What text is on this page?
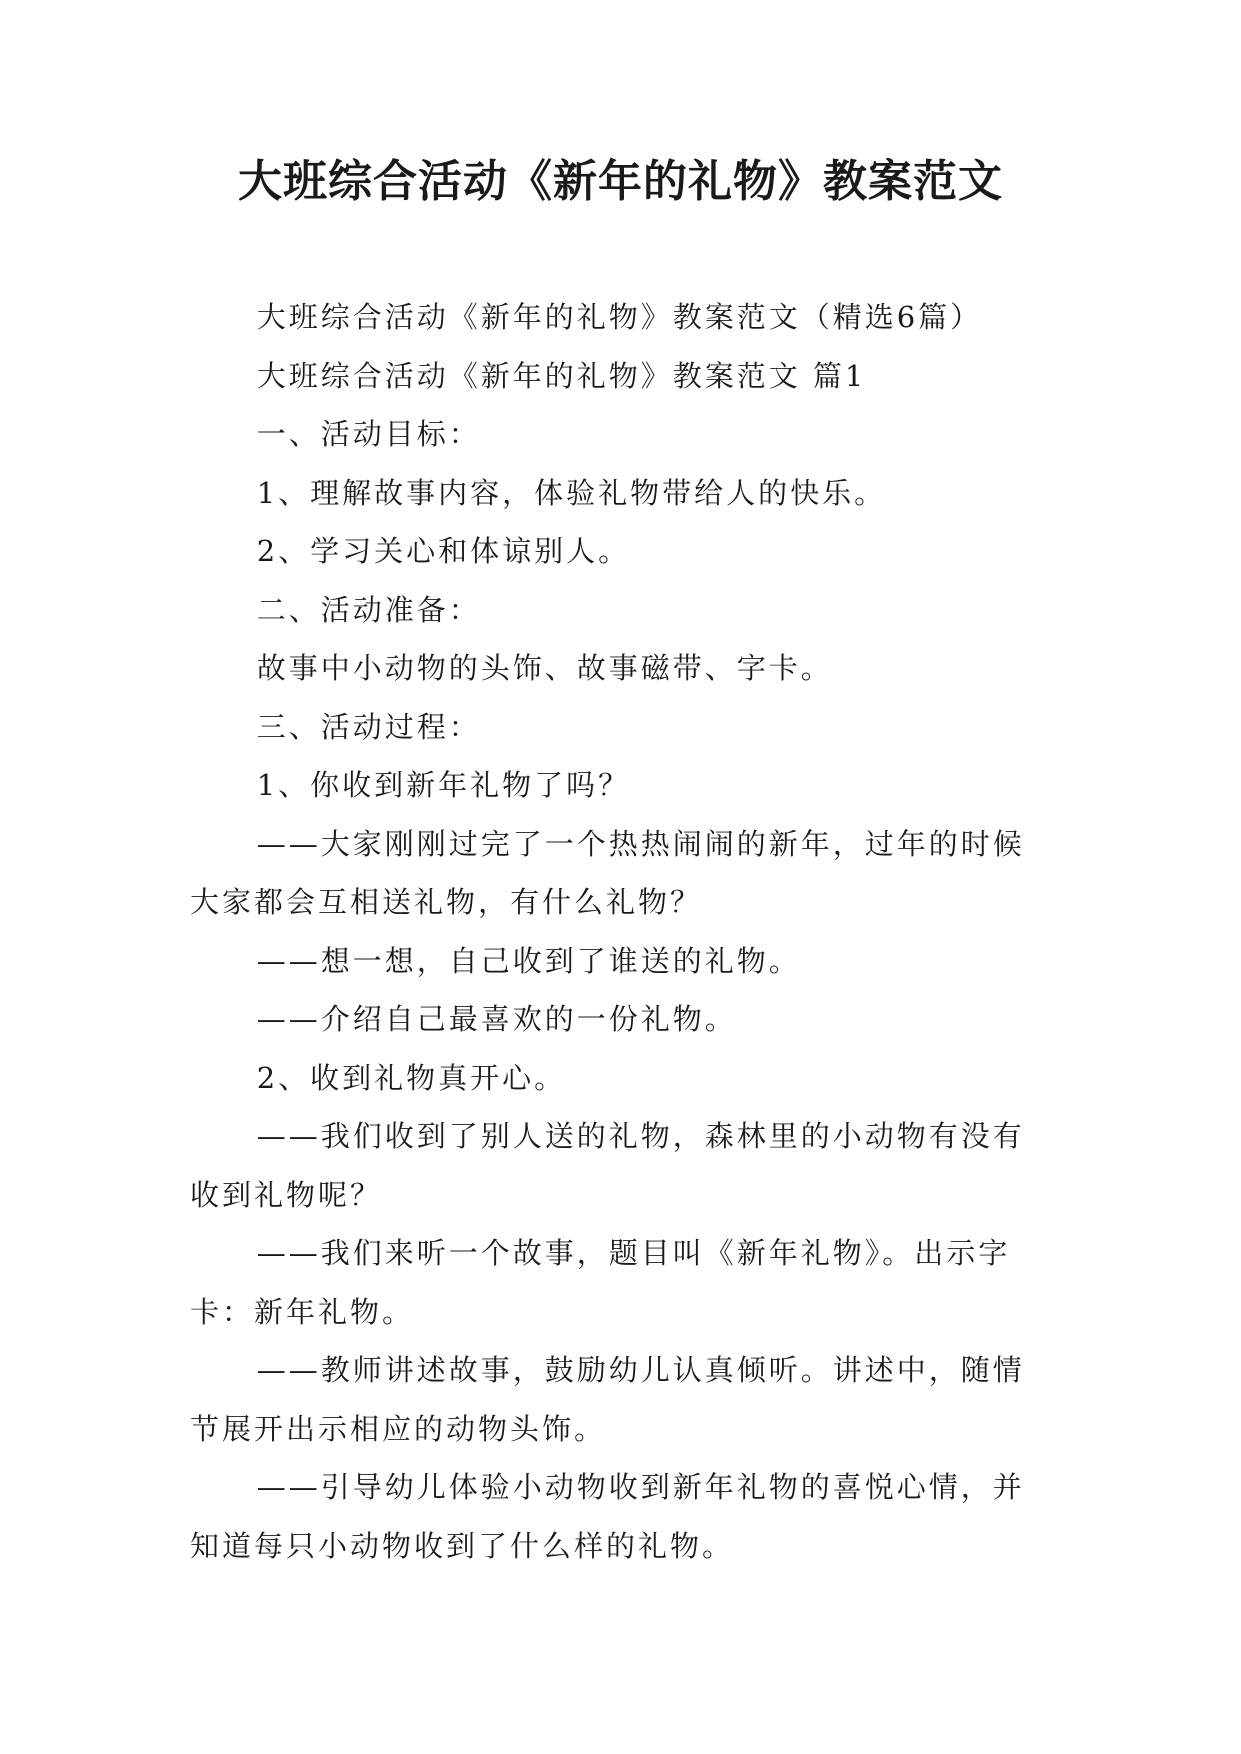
大班综合活动《新年的礼物》教案范文

大班综合活动《新年的礼物》教案范文（精选6篇）

大班综合活动《新年的礼物》教案范文 篇1

一、活动目标：

1、理解故事内容，体验礼物带给人的快乐。

2、学习关心和体谅别人。

二、活动准备：

故事中小动物的头饰、故事磁带、字卡。

三、活动过程：

1、你收到新年礼物了吗？

——大家刚刚过完了一个热热闹闹的新年，过年的时候大家都会互相送礼物，有什么礼物？

——想一想，自己收到了谁送的礼物。

——介绍自己最喜欢的一份礼物。

2、收到礼物真开心。

——我们收到了别人送的礼物，森林里的小动物有没有收到礼物呢？

——我们来听一个故事，题目叫《新年礼物》。出示字卡：新年礼物。

——教师讲述故事，鼓励幼儿认真倾听。讲述中，随情节展开出示相应的动物头饰。

——引导幼儿体验小动物收到新年礼物的喜悦心情，并知道每只小动物收到了什么样的礼物。
